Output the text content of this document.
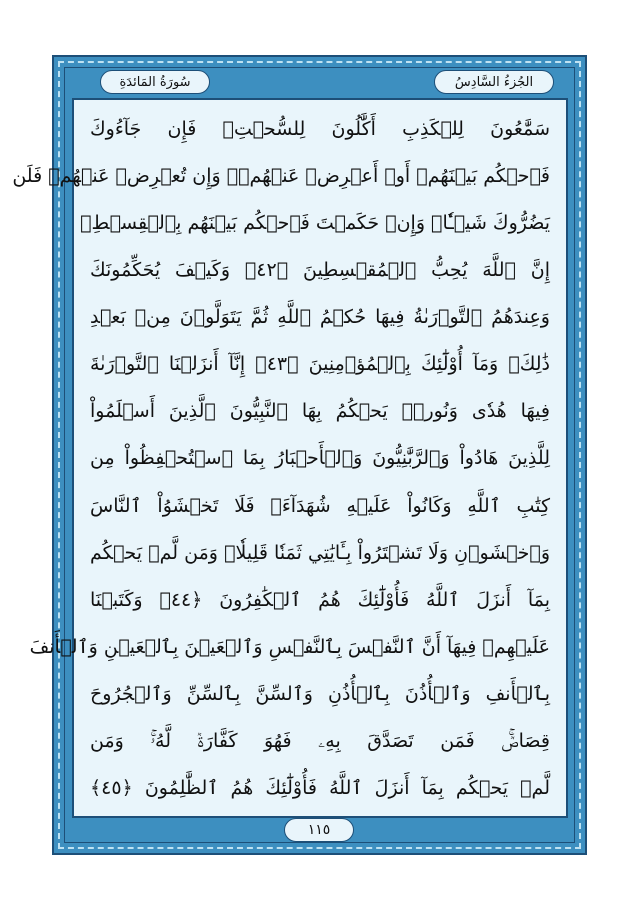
الجُزءُ السَّادِسُ
سُورَةُ المَائدَةِ
سَمَّٰعُونَ لِلۡكَذِبِ أَكَّٰلُونَ لِلسُّحۡتِۚ فَإِن جَآءُوكَ
فَٱحۡكُم بَيۡنَهُمۡ أَوۡ أَعۡرِضۡ عَنۡهُمۡۖ وَإِن تُعۡرِضۡ عَنۡهُمۡ فَلَن
يَضُرُّوكَ شَيۡـٔٗاۖ وَإِنۡ حَكَمۡتَ فَٱحۡكُم بَيۡنَهُم بِٱلۡقِسۡطِۚ
إِنَّ ٱللَّهَ يُحِبُّ ٱلۡمُقۡسِطِينَ ﴿٤٢﴾ وَكَيۡفَ يُحَكِّمُونَكَ
وَعِندَهُمُ ٱلتَّوۡرَىٰةُ فِيهَا حُكۡمُ ٱللَّهِ ثُمَّ يَتَوَلَّوۡنَ مِنۢ بَعۡدِ
ذَٰلِكَۚ وَمَآ أُوْلَٰٓئِكَ بِٱلۡمُؤۡمِنِينَ ﴿٤٣﴾ إِنَّآ أَنزَلۡنَا ٱلتَّوۡرَىٰةَ
فِيهَا هُدٗى وَنُورٞۚ يَحۡكُمُ بِهَا ٱلنَّبِيُّونَ ٱلَّذِينَ أَسۡلَمُواْ
لِلَّذِينَ هَادُواْ وَٱلرَّبَّٰنِيُّونَ وَٱلۡأَحۡبَارُ بِمَا ٱسۡتُحۡفِظُواْ مِن
كِتَٰبِ ٱللَّهِ وَكَانُواْ عَلَيۡهِ شُهَدَآءَۚ فَلَا تَخۡشَوُاْ ٱلنَّاسَ
وَٱخۡشَوۡنِ وَلَا تَشۡتَرُواْ بِـَٔايَٰتِي ثَمَنٗا قَلِيلٗاۚ وَمَن لَّمۡ يَحۡكُم
بِمَآ أَنزَلَ ٱللَّهُ فَأُوْلَٰٓئِكَ هُمُ ٱلۡكَٰفِرُونَ ﴿٤٤﴾ وَكَتَبۡنَا
عَلَيۡهِمۡ فِيهَآ أَنَّ ٱلنَّفۡسَ بِٱلنَّفۡسِ وَٱلۡعَيۡنَ بِٱلۡعَيۡنِ وَٱلۡأَنفَ
بِٱلۡأَنفِ وَٱلۡأُذُنَ بِٱلۡأُذُنِ وَٱلسِّنَّ بِٱلسِّنِّ وَٱلۡجُرُوحَ
قِصَاصٞۚ فَمَن تَصَدَّقَ بِهِۦ فَهُوَ كَفَّارَةٞ لَّهُۥۚ وَمَن
لَّمۡ يَحۡكُم بِمَآ أَنزَلَ ٱللَّهُ فَأُوْلَٰٓئِكَ هُمُ ٱلظَّٰلِمُونَ ﴿٤٥﴾
١١٥
